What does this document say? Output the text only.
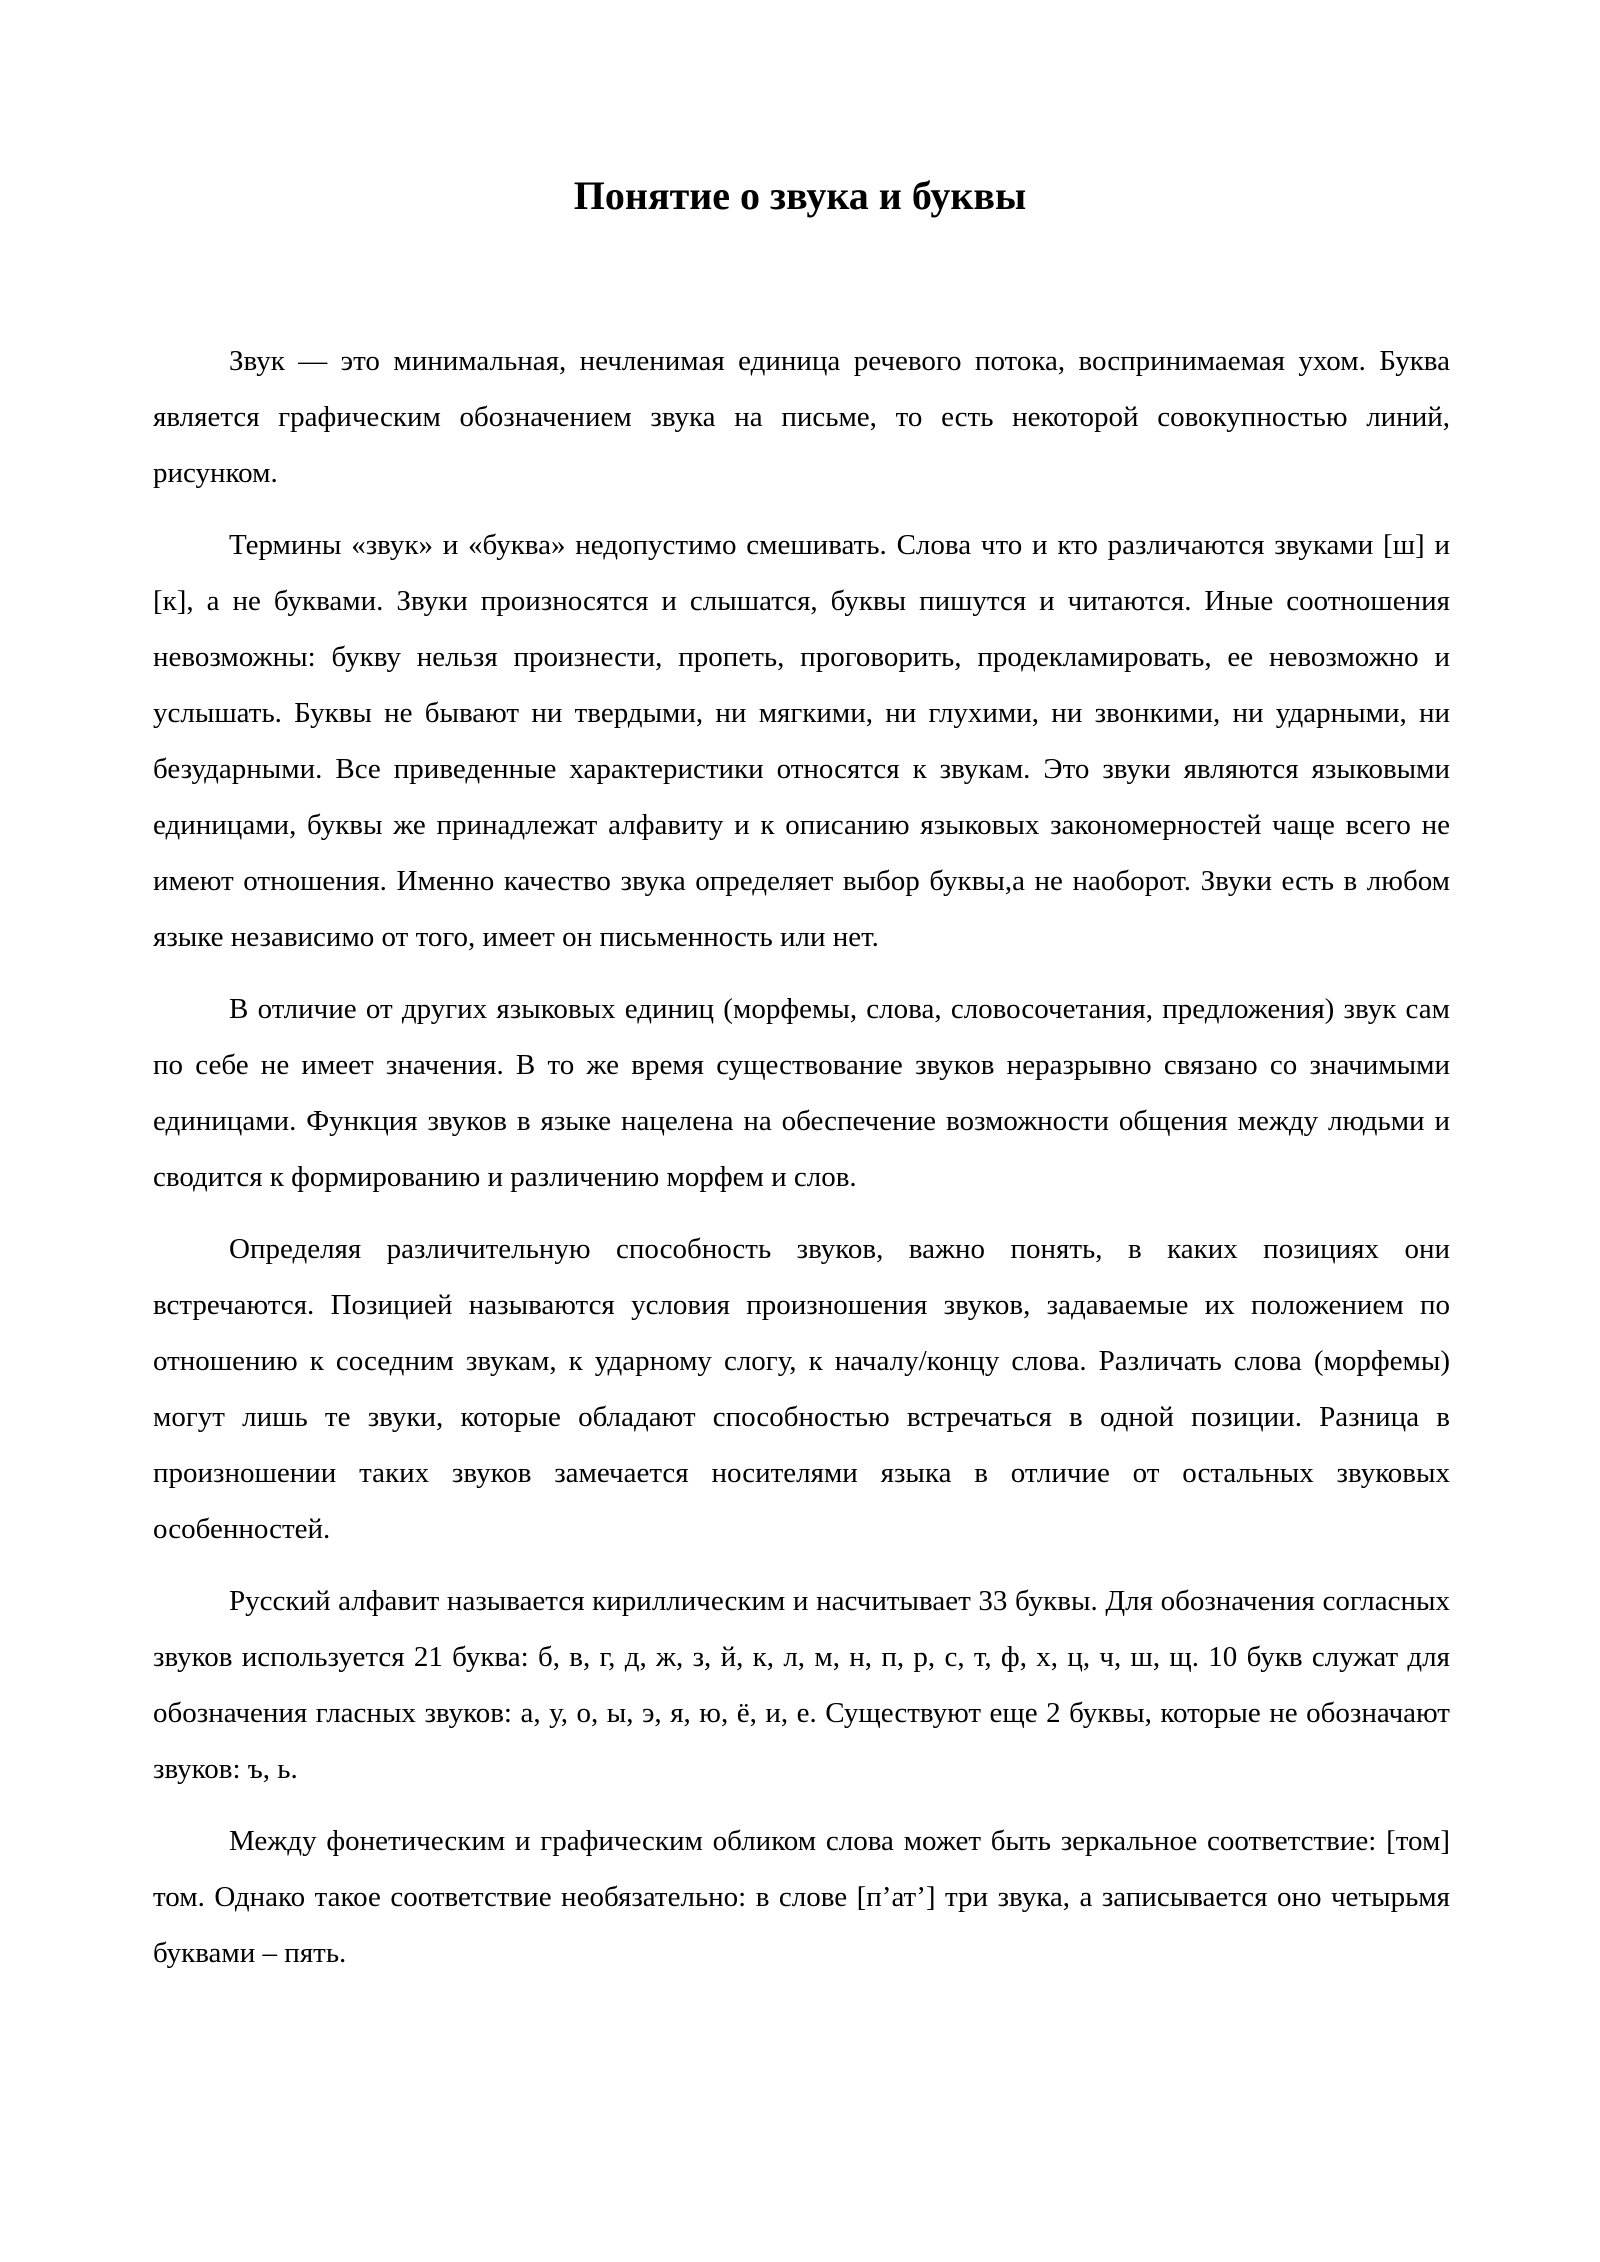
Понятие о звука и буквы

Звук — это минимальная, нечленимая единица речевого потока, воспринимаемая ухом. Буква является графическим обозначением звука на письме, то есть некоторой совокупностью линий, рисунком.

Термины «звук» и «буква» недопустимо смешивать. Слова что и кто различаются звуками [ш] и [к], а не буквами. Звуки произносятся и слышатся, буквы пишутся и читаются. Иные соотношения невозможны: букву нельзя произнести, пропеть, проговорить, продекламировать, ее невозможно и услышать. Буквы не бывают ни твердыми, ни мягкими, ни глухими, ни звонкими, ни ударными, ни безударными. Все приведенные характеристики относятся к звукам. Это звуки являются языковыми единицами, буквы же принадлежат алфавиту и к описанию языковых закономерностей чаще всего не имеют отношения. Именно качество звука определяет выбор буквы,а не наоборот. Звуки есть в любом языке независимо от того, имеет он письменность или нет.

В отличие от других языковых единиц (морфемы, слова, словосочетания, предложения) звук сам по себе не имеет значения. В то же время существование звуков неразрывно связано со значимыми единицами. Функция звуков в языке нацелена на обеспечение возможности общения между людьми и сводится к формированию и различению морфем и слов.

Определяя различительную способность звуков, важно понять, в каких позициях они встречаются. Позицией называются условия произношения звуков, задаваемые их положением по отношению к соседним звукам, к ударному слогу, к началу/концу слова. Различать слова (морфемы) могут лишь те звуки, которые обладают способностью встречаться в одной позиции. Разница в произношении таких звуков замечается носителями языка в отличие от остальных звуковых особенностей.

Русский алфавит называется кириллическим и насчитывает 33 буквы. Для обозначения согласных звуков используется 21 буква: б, в, г, д, ж, з, й, к, л, м, н, п, р, с, т, ф, х, ц, ч, ш, щ. 10 букв служат для обозначения гласных звуков: а, у, о, ы, э, я, ю, ё, и, е. Существуют еще 2 буквы, которые не обозначают звуков: ъ, ь.

Между фонетическим и графическим обликом слова может быть зеркальное соответствие: [том] том. Однако такое соответствие необязательно: в слове [п’ат’] три звука, а записывается оно четырьмя буквами – пять.
